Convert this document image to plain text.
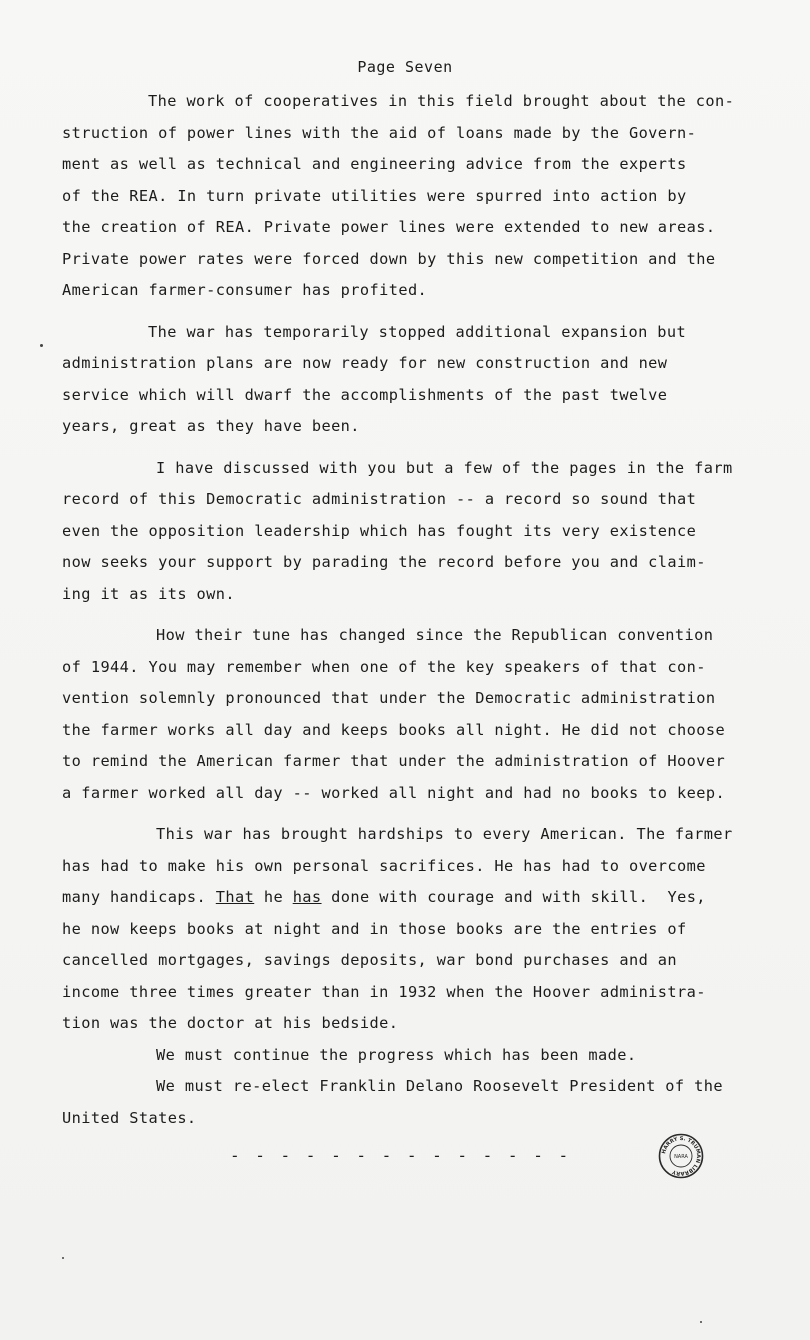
Page Seven
The work of cooperatives in this field brought about the con-
struction of power lines with the aid of loans made by the Govern-
ment as well as technical and engineering advice from the experts
of the REA. In turn private utilities were spurred into action by
the creation of REA. Private power lines were extended to new areas.
Private power rates were forced down by this new competition and the
American farmer-consumer has profited.
The war has temporarily stopped additional expansion but
administration plans are now ready for new construction and new
service which will dwarf the accomplishments of the past twelve
years, great as they have been.
I have discussed with you but a few of the pages in the farm
record of this Democratic administration -- a record so sound that
even the opposition leadership which has fought its very existence
now seeks your support by parading the record before you and claim-
ing it as its own.
How their tune has changed since the Republican convention
of 1944. You may remember when one of the key speakers of that con-
vention solemnly pronounced that under the Democratic administration
the farmer works all day and keeps books all night. He did not choose
to remind the American farmer that under the administration of Hoover
a farmer worked all day -- worked all night and had no books to keep.
This war has brought hardships to every American. The farmer
has had to make his own personal sacrifices. He has had to overcome
many handicaps. That he has done with courage and with skill.  Yes,
he now keeps books at night and in those books are the entries of
cancelled mortgages, savings deposits, war bond purchases and an
income three times greater than in 1932 when the Hoover administra-
tion was the doctor at his bedside.
We must continue the progress which has been made.
We must re-elect Franklin Delano Roosevelt President of the
United States.
- - - - - - - - - - - - - -	HARRY S. TRUMAN LIBRARY
NARA
